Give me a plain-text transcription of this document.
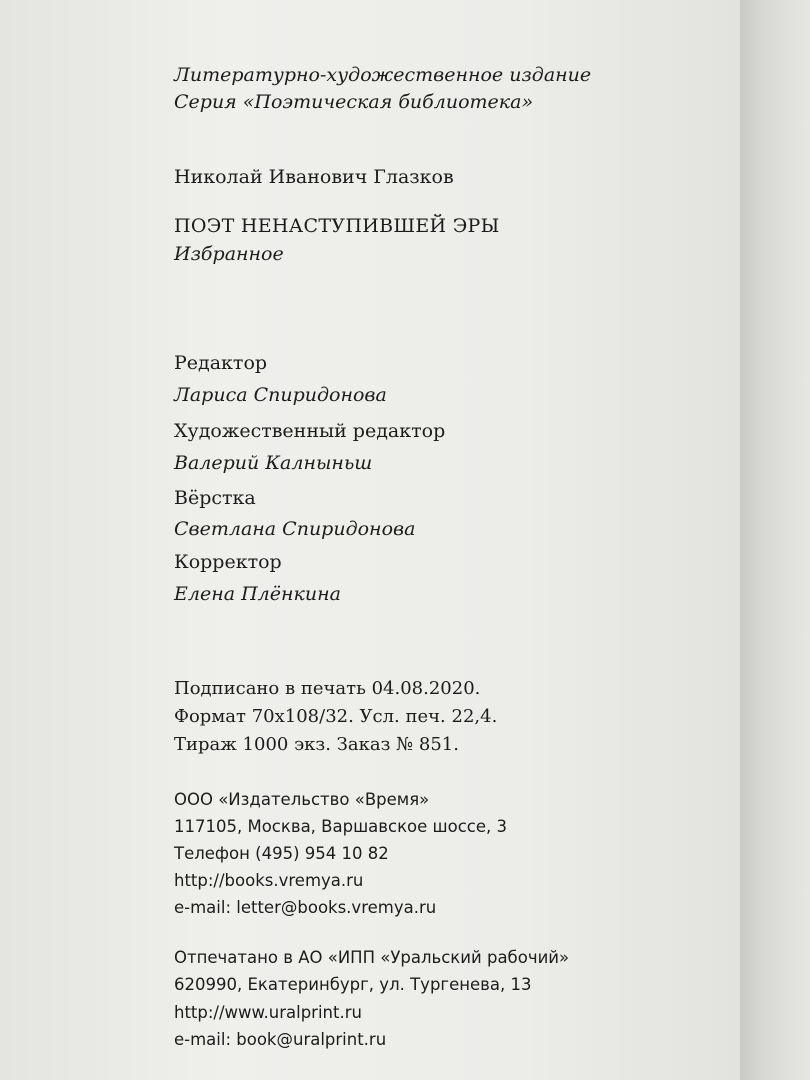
Литературно-художественное издание
Серия «Поэтическая библиотека»
Николай Иванович Глазков
ПОЭТ НЕНАСТУПИВШЕЙ ЭРЫ
Избранное
Редактор
Лариса Спиридонова
Художественный редактор
Валерий Калныньш
Вёрстка
Светлана Спиридонова
Корректор
Елена Плёнкина
Подписано в печать 04.08.2020.
Формат 70х108/32. Усл. печ. 22,4.
Тираж 1000 экз. Заказ № 851.
ООО «Издательство «Время»
117105, Москва, Варшавское шоссе, 3
Телефон (495) 954 10 82
http://books.vremya.ru
e-mail: letter@books.vremya.ru
Отпечатано в АО «ИПП «Уральский рабочий»
620990, Екатеринбург, ул. Тургенева, 13
http://www.uralprint.ru
e-mail: book@uralprint.ru
